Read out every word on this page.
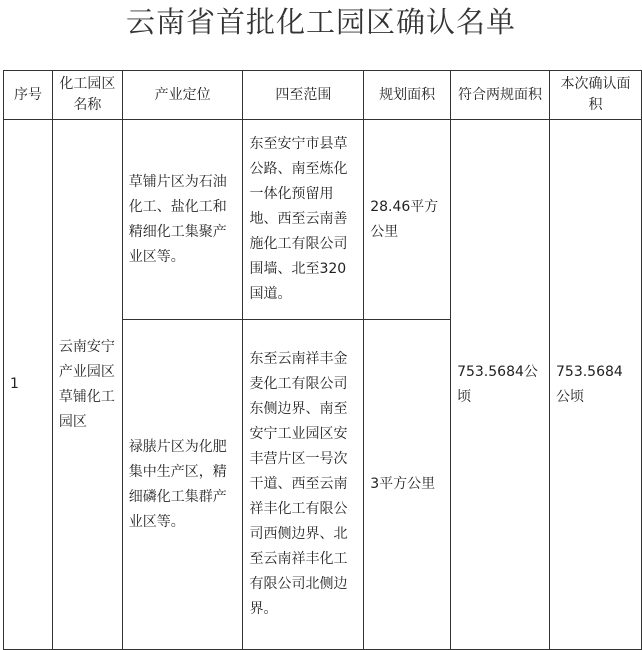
云南省首批化工园区确认名单
序号	化工园区名称	产业定位	四至范围	规划面积	符合两规面积	本次确认面积
1	云南安宁产业园区草铺化工园区	草铺片区为石油化工、盐化工和精细化工集聚产业区等。	东至安宁市县草公路、南至炼化一体化预留用地、西至云南善施化工有限公司围墙、北至320国道。	28.46平方公里	753.5684公顷	753.5684公顷
		禄脿片区为化肥集中生产区，精细磷化工集群产业区等。	东至云南祥丰金麦化工有限公司东侧边界、南至安宁工业园区安丰营片区一号次干道、西至云南祥丰化工有限公司西侧边界、北至云南祥丰化工有限公司北侧边界。	3平方公里		
